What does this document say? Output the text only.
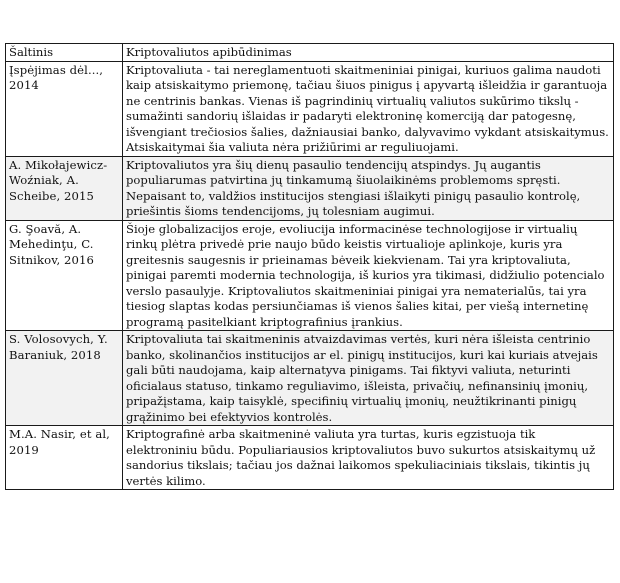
Šaltinis	Kriptovaliutos apibūdinimas
Įspėjimas dėl..., 2014	Kriptovaliuta - tai nereglamentuoti skaitmeniniai pinigai, kuriuos galima naudoti kaip atsiskaitymo priemonę, tačiau šiuos pinigus į apyvartą išleidžia ir garantuoja ne centrinis bankas. Vienas iš pagrindinių virtualių valiutos sukūrimo tikslų - sumažinti sandorių išlaidas ir padaryti elektroninę komerciją dar patogesnę, išvengiant trečiosios šalies, dažniausiai banko, dalyvavimo vykdant atsiskaitymus. Atsiskaitymai šia valiuta nėra prižiūrimi ar reguliuojami.
A. Mikołajewicz-Woźniak, A. Scheibe, 2015	Kriptovaliutos yra šių dienų pasaulio tendencijų atspindys. Jų augantis populiarumas patvirtina jų tinkamumą šiuolaikinėms problemoms spręsti. Nepaisant to, valdžios institucijos stengiasi išlaikyti pinigų pasaulio kontrolę, priešintis šioms tendencijoms, jų tolesniam augimui.
G. Şoavă, A. Mehedinţu, C. Sitnikov, 2016	Šioje globalizacijos eroje, evoliucija informacinėse technologijose ir virtualių rinkų plėtra privedė prie naujo būdo keistis virtualioje aplinkoje, kuris yra greitesnis saugesnis ir prieinamas bėveik kiekvienam. Tai yra kriptovaliuta, pinigai paremti moderniа technologija, iš kurios yra tikimasi, didžiulio potencialo verslo pasaulyje. Kriptovaliutos skaitmeniniai pinigai yra nematerialūs, tai yra tiesiog slaptas kodas persiunčiamas iš vienos šalies kitai, per viešą internetinę programą pasitelkiant kriptografinius įrankius.
S. Volosovych, Y. Baraniuk, 2018	Kriptovaliuta tai skaitmeninis atvaizdavimas vertės, kuri nėra išleista centrinio banko, skolinančios institucijos ar el. pinigų institucijos, kuri kai kuriais atvejais gali būti naudojama, kaip alternatyva pinigams. Tai fiktyvi valiuta, neturinti oficialaus statuso, tinkamo reguliavimo, išleista, privačių, nefinansinių įmonių, pripažįstama, kaip taisyklė, specifinių virtualių įmonių, neužtikrinanti pinigų grąžinimo bei efektyvios kontrolės.
M.A. Nasir, et al, 2019	Kriptografinė arba skaitmeninė valiuta yra turtas, kuris egzistuoja tik elektroniniu būdu. Populiariausios kriptovaliutos buvo sukurtos atsiskaitymų už sandorius tikslais; tačiau jos dažnai laikomos spekuliaciniais tikslais, tikintis jų vertės kilimo.
